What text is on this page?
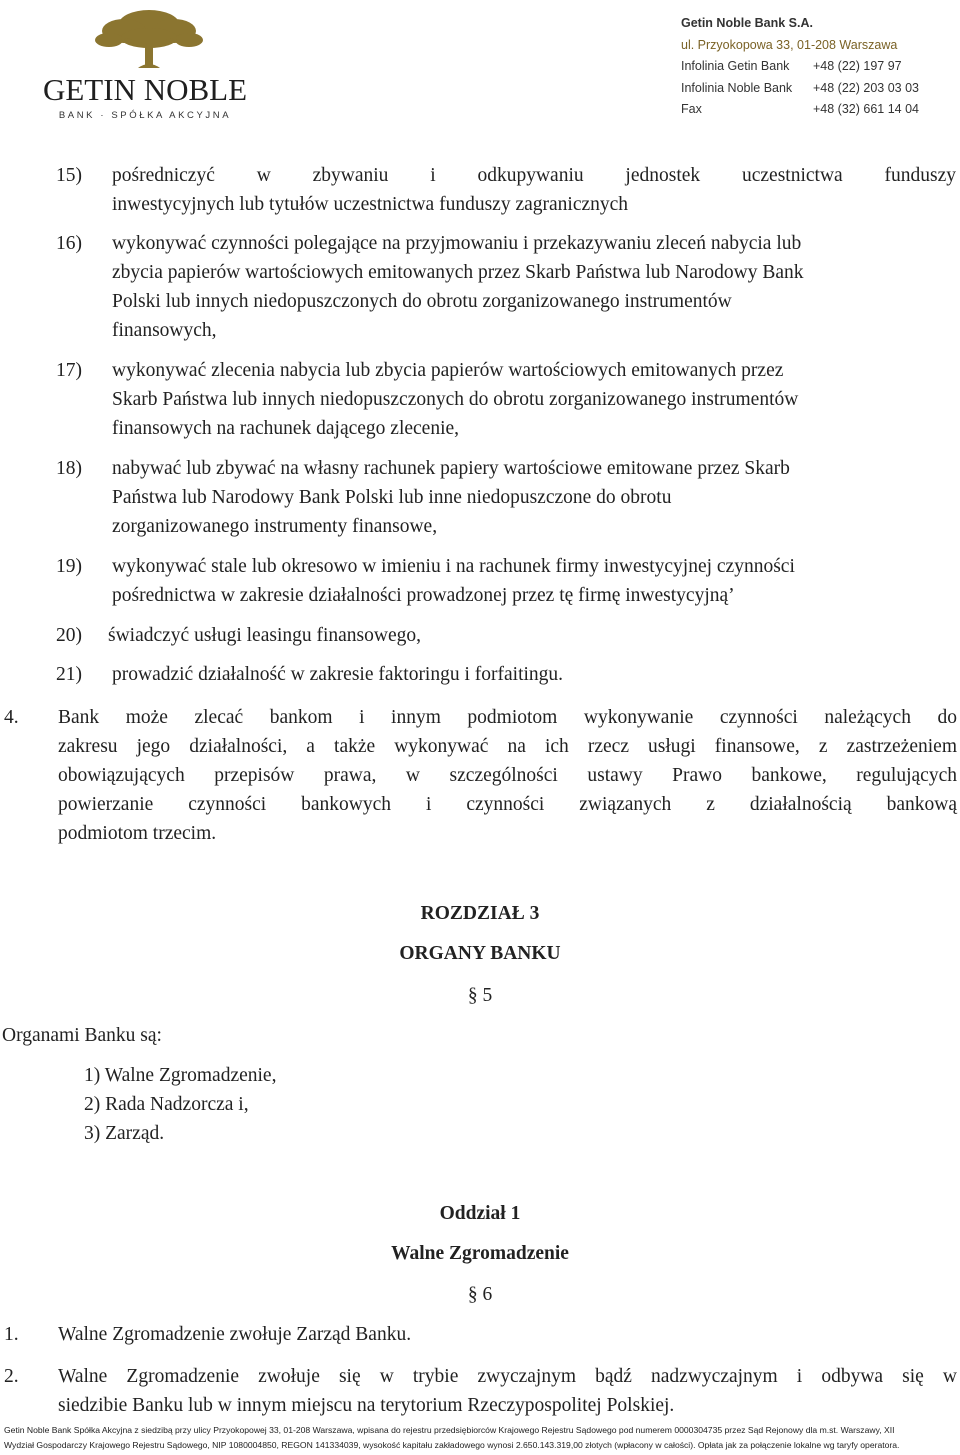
GETIN NOBLE
BANK · SPÓŁKA AKCYJNA
Getin Noble Bank S.A.
ul. Przyokopowa 33, 01-208 Warszawa
Infolinia Getin Bank +48 (22) 197 97
Infolinia Noble Bank +48 (22) 203 03 03
Fax	+48 (32) 661 14 04
15) pośredniczyć w zbywaniu i odkupywaniu jednostek uczestnictwa funduszy
inwestycyjnych lub tytułów uczestnictwa funduszy zagranicznych
16) wykonywać czynności polegające na przyjmowaniu i przekazywaniu zleceń nabycia lub
zbycia papierów wartościowych emitowanych przez Skarb Państwa lub Narodowy Bank
Polski lub innych niedopuszczonych do obrotu zorganizowanego instrumentów
finansowych,
17) wykonywać zlecenia nabycia lub zbycia papierów wartościowych emitowanych przez
Skarb Państwa lub innych niedopuszczonych do obrotu zorganizowanego instrumentów
finansowych na rachunek dającego zlecenie,
18) nabywać lub zbywać na własny rachunek papiery wartościowe emitowane przez Skarb
Państwa lub Narodowy Bank Polski lub inne niedopuszczone do obrotu
zorganizowanego instrumenty finansowe,
19) wykonywać stale lub okresowo w imieniu i na rachunek firmy inwestycyjnej czynności
pośrednictwa w zakresie działalności prowadzonej przez tę firmę inwestycyjną’
20) świadczyć usługi leasingu finansowego,
21) prowadzić działalność w zakresie faktoringu i forfaitingu.
4. Bank może zlecać bankom i innym podmiotom wykonywanie czynności należących do
zakresu jego działalności, a także wykonywać na ich rzecz usługi finansowe, z zastrzeżeniem
obowiązujących przepisów prawa, w szczególności ustawy Prawo bankowe, regulujących
powierzanie czynności bankowych i czynności związanych z działalnością bankową
podmiotom trzecim.
ROZDZIAŁ 3
ORGANY BANKU
§ 5
Organami Banku są:
1) Walne Zgromadzenie,
2) Rada Nadzorcza i,
3) Zarząd.
Oddział 1
Walne Zgromadzenie
§ 6
1. Walne Zgromadzenie zwołuje Zarząd Banku.
2. Walne Zgromadzenie zwołuje się w trybie zwyczajnym bądź nadzwyczajnym i odbywa się w
siedzibie Banku lub w innym miejscu na terytorium Rzeczypospolitej Polskiej.
Getin Noble Bank Spółka Akcyjna z siedzibą przy ulicy Przyokopowej 33, 01-208 Warszawa, wpisana do rejestru przedsiębiorców Krajowego Rejestru Sądowego pod numerem 0000304735 przez Sąd Rejonowy dla m.st. Warszawy, XII
Wydział Gospodarczy Krajowego Rejestru Sądowego, NIP 1080004850, REGON 141334039, wysokość kapitału zakładowego wynosi 2.650.143.319,00 złotych (wpłacony w całości). Opłata jak za połączenie lokalne wg taryfy operatora.
